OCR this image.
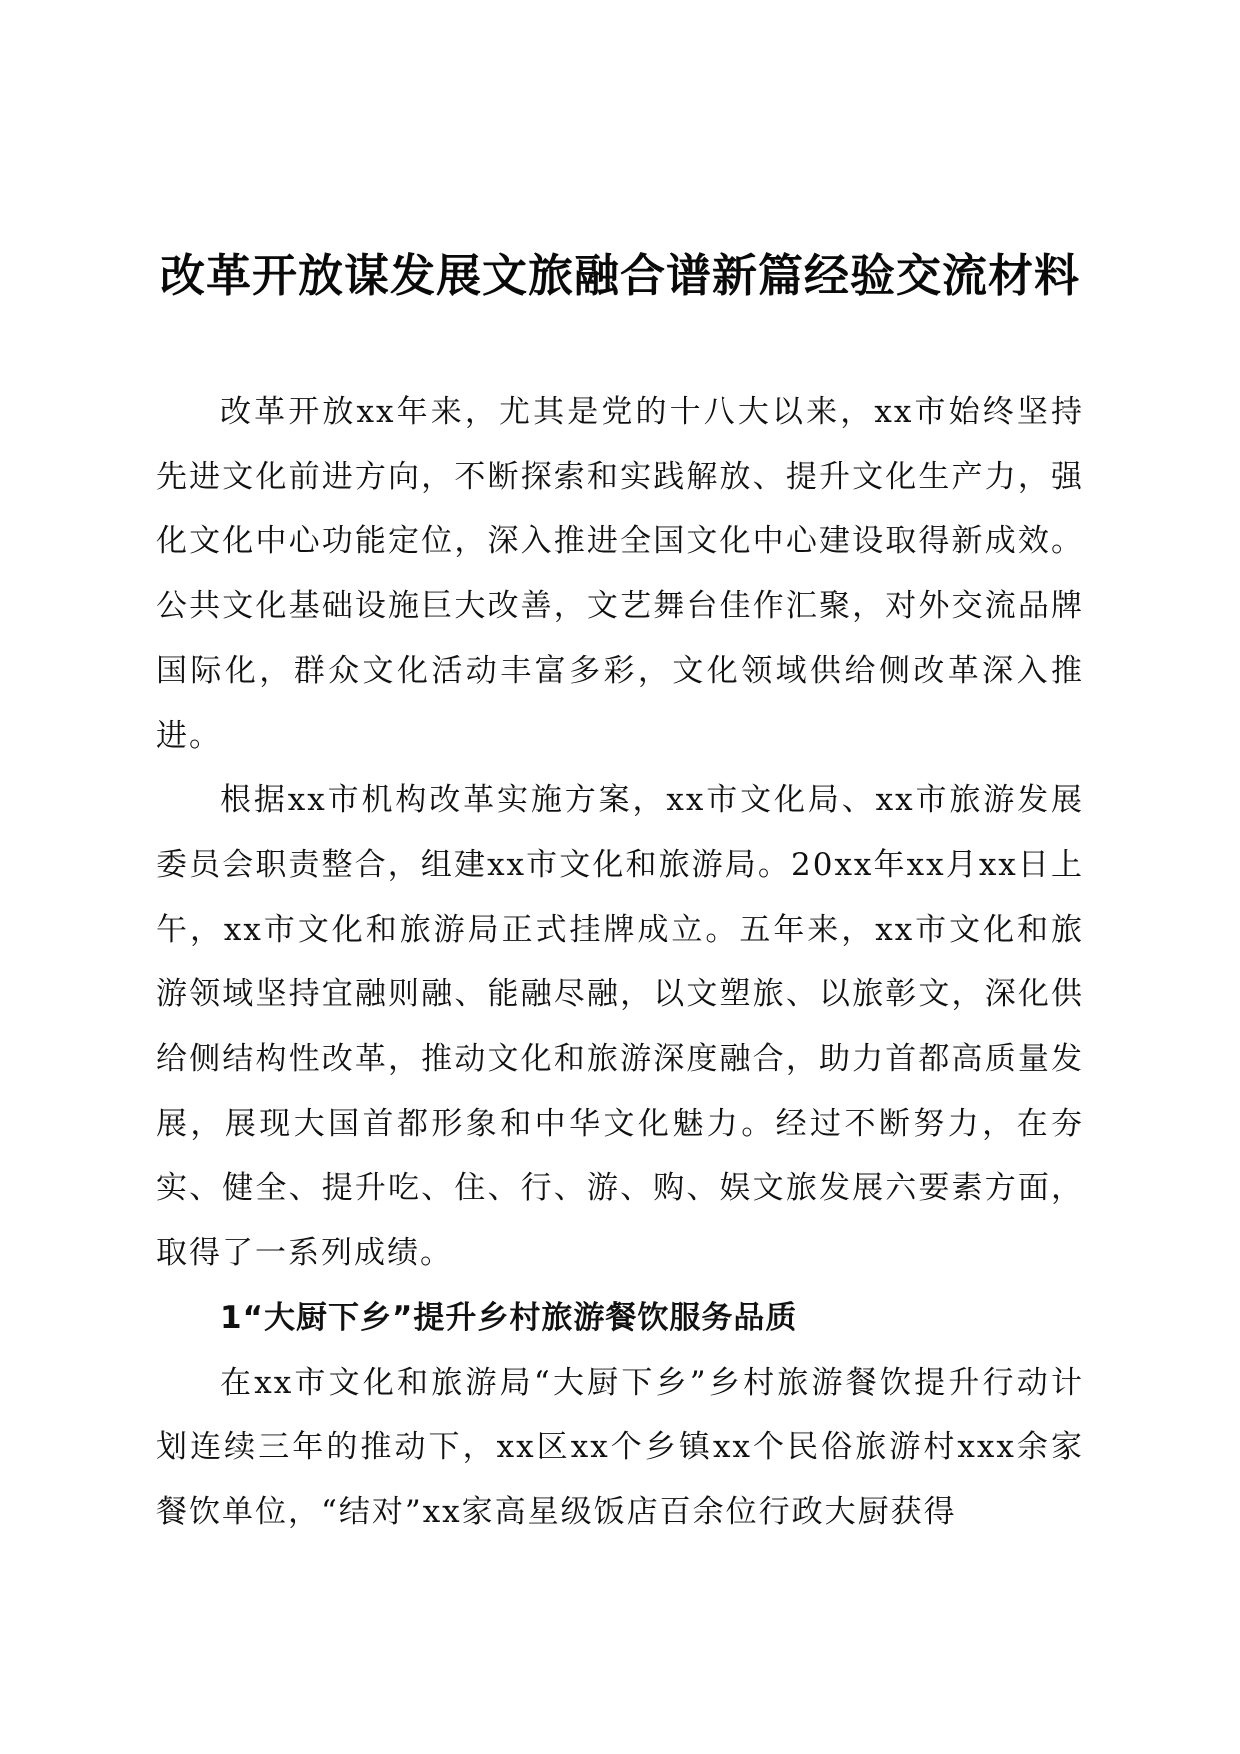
改革开放谋发展文旅融合谱新篇经验交流材料

改革开放xx年来，尤其是党的十八大以来，xx市始终坚持先进文化前进方向，不断探索和实践解放、提升文化生产力，强化文化中心功能定位，深入推进全国文化中心建设取得新成效。公共文化基础设施巨大改善，文艺舞台佳作汇聚，对外交流品牌国际化，群众文化活动丰富多彩，文化领域供给侧改革深入推进。

根据xx市机构改革实施方案，xx市文化局、xx市旅游发展委员会职责整合，组建xx市文化和旅游局。20xx年xx月xx日上午，xx市文化和旅游局正式挂牌成立。五年来，xx市文化和旅游领域坚持宜融则融、能融尽融，以文塑旅、以旅彰文，深化供给侧结构性改革，推动文化和旅游深度融合，助力首都高质量发展，展现大国首都形象和中华文化魅力。经过不断努力，在夯实、健全、提升吃、住、行、游、购、娱文旅发展六要素方面，取得了一系列成绩。

1“大厨下乡”提升乡村旅游餐饮服务品质

在xx市文化和旅游局“大厨下乡”乡村旅游餐饮提升行动计划连续三年的推动下，xx区xx个乡镇xx个民俗旅游村xxx余家餐饮单位，“结对”xx家高星级饭店百余位行政大厨获得
